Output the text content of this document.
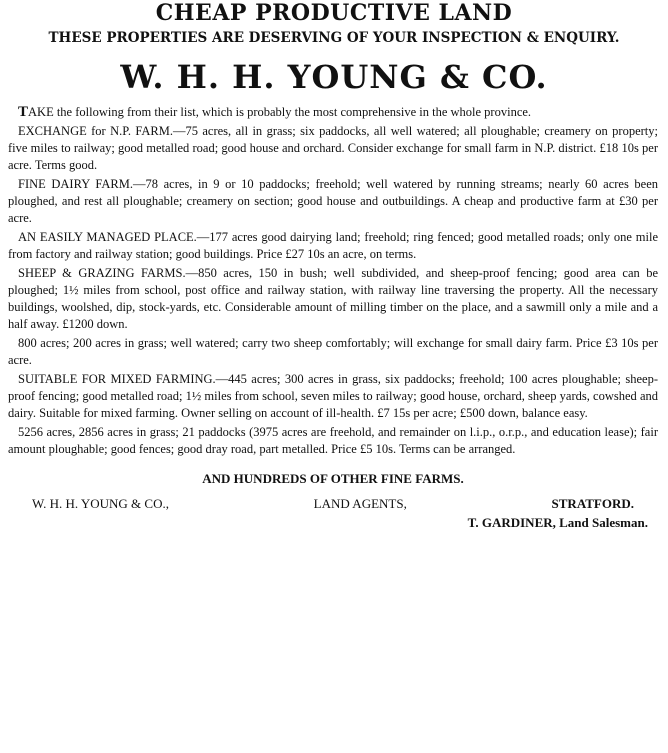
CHEAP PRODUCTIVE LAND
THESE PROPERTIES ARE DESERVING OF YOUR INSPECTION & ENQUIRY.
W. H. H. YOUNG & CO.

TAKE the following from their list, which is probably the most comprehensive in the whole province.

EXCHANGE for N.P. FARM.—75 acres, all in grass; six paddocks, all well watered; all ploughable; creamery on property; five miles to railway; good metalled road; good house and orchard. Consider exchange for small farm in N.P. district. £18 10s per acre. Terms good.

FINE DAIRY FARM.—78 acres, in 9 or 10 paddocks; freehold; well watered by running streams; nearly 60 acres been ploughed, and rest all ploughable; creamery on section; good house and outbuildings. A cheap and productive farm at £30 per acre.

AN EASILY MANAGED PLACE.—177 acres good dairying land; freehold; ring fenced; good metalled roads; only one mile from factory and railway station; good buildings. Price £27 10s an acre, on terms.

SHEEP & GRAZING FARMS.—850 acres, 150 in bush; well subdivided, and sheep-proof fencing; good area can be ploughed; 1½ miles from school, post office and railway station, with railway line traversing the property. All the necessary buildings, woolshed, dip, stock-yards, etc. Considerable amount of milling timber on the place, and a sawmill only a mile and a half away. £1200 down.

800 acres; 200 acres in grass; well watered; carry two sheep comfortably; will exchange for small dairy farm. Price £3 10s per acre.

SUITABLE FOR MIXED FARMING.—445 acres; 300 acres in grass, six paddocks; freehold; 100 acres ploughable; sheep-proof fencing; good metalled road; 1½ miles from school, seven miles to railway; good house, orchard, sheep yards, cowshed and dairy. Suitable for mixed farming. Owner selling on account of ill-health. £7 15s per acre; £500 down, balance easy.

5256 acres, 2856 acres in grass; 21 paddocks (3975 acres are freehold, and remainder on l.i.p., o.r.p., and education lease); fair amount ploughable; good fences; good dray road, part metalled. Price £5 10s. Terms can be arranged.

AND HUNDREDS OF OTHER FINE FARMS.
W. H. H. YOUNG & CO.,	LAND AGENTS,	STRATFORD.
T. GARDINER, Land Salesman.
